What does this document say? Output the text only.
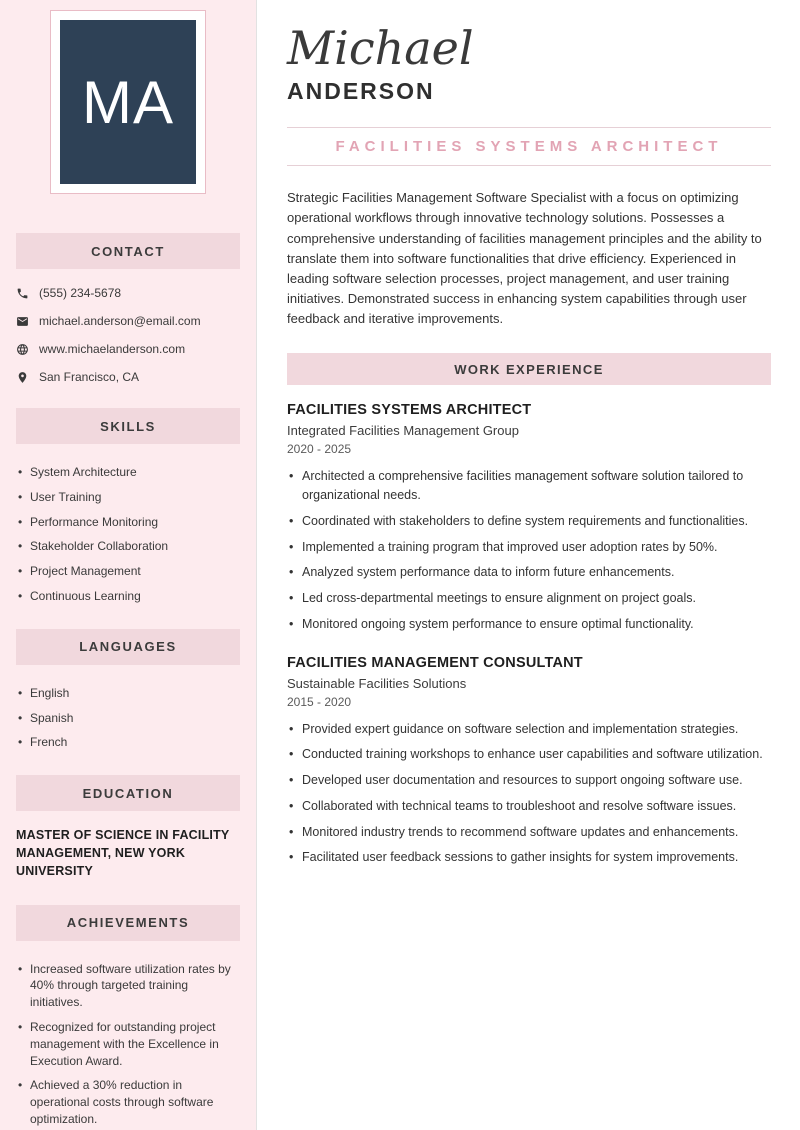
MA
CONTACT
(555) 234-5678
michael.anderson@email.com
www.michaelanderson.com
San Francisco, CA
SKILLS
• System Architecture
• User Training
• Performance Monitoring
• Stakeholder Collaboration
• Project Management
• Continuous Learning
LANGUAGES
• English
• Spanish
• French
EDUCATION
MASTER OF SCIENCE IN FACILITY MANAGEMENT, NEW YORK UNIVERSITY
ACHIEVEMENTS
• Increased software utilization rates by 40% through targeted training initiatives.
• Recognized for outstanding project management with the Excellence in Execution Award.
• Achieved a 30% reduction in operational costs through software optimization.
Michael
ANDERSON
FACILITIES SYSTEMS ARCHITECT

Strategic Facilities Management Software Specialist with a focus on optimizing operational workflows through innovative technology solutions. Possesses a comprehensive understanding of facilities management principles and the ability to translate them into software functionalities that drive efficiency. Experienced in leading software selection processes, project management, and user training initiatives. Demonstrated success in enhancing system capabilities through user feedback and iterative improvements.

WORK EXPERIENCE
FACILITIES SYSTEMS ARCHITECT
Integrated Facilities Management Group
2020 - 2025
• Architected a comprehensive facilities management software solution tailored to organizational needs.
• Coordinated with stakeholders to define system requirements and functionalities.
• Implemented a training program that improved user adoption rates by 50%.
• Analyzed system performance data to inform future enhancements.
• Led cross-departmental meetings to ensure alignment on project goals.
• Monitored ongoing system performance to ensure optimal functionality.
FACILITIES MANAGEMENT CONSULTANT
Sustainable Facilities Solutions
2015 - 2020
• Provided expert guidance on software selection and implementation strategies.
• Conducted training workshops to enhance user capabilities and software utilization.
• Developed user documentation and resources to support ongoing software use.
• Collaborated with technical teams to troubleshoot and resolve software issues.
• Monitored industry trends to recommend software updates and enhancements.
• Facilitated user feedback sessions to gather insights for system improvements.
